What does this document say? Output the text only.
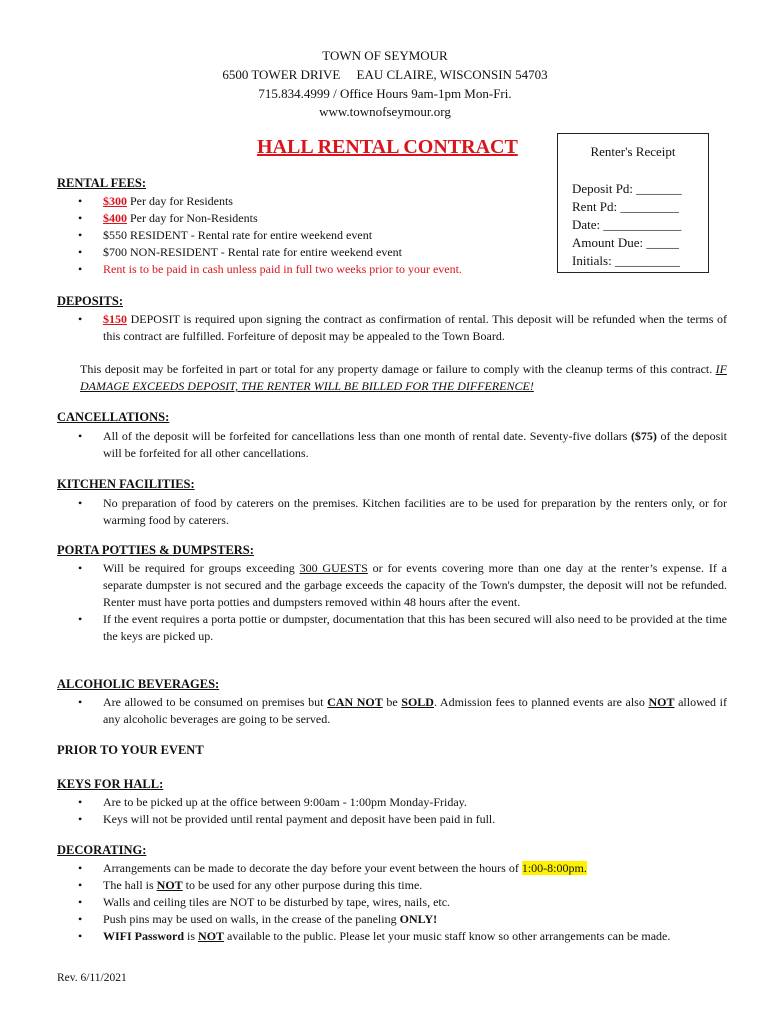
TOWN OF SEYMOUR
6500 TOWER DRIVE     EAU CLAIRE, WISCONSIN 54703
715.834.4999 / Office Hours 9am-1pm Mon-Fri.
www.townofseymour.org
HALL RENTAL CONTRACT	Renter's Receipt
Deposit Pd: _______
Rent Pd: _________
Date: ____________
Amount Due: _____
Initials: __________
RENTAL FEES:
• $300 Per day for Residents
• $400 Per day for Non-Residents
• $550 RESIDENT - Rental rate for entire weekend event
• $700 NON-RESIDENT - Rental rate for entire weekend event
• Rent is to be paid in cash unless paid in full two weeks prior to your event.
DEPOSITS:
• $150 DEPOSIT is required upon signing the contract as confirmation of rental. This deposit will be refunded when the terms of this contract are fulfilled. Forfeiture of deposit may be appealed to the Town Board.
This deposit may be forfeited in part or total for any property damage or failure to comply with the cleanup terms of this contract. IF DAMAGE EXCEEDS DEPOSIT, THE RENTER WILL BE BILLED FOR THE DIFFERENCE!
CANCELLATIONS:
• All of the deposit will be forfeited for cancellations less than one month of rental date. Seventy-five dollars ($75) of the deposit will be forfeited for all other cancellations.
KITCHEN FACILITIES:
• No preparation of food by caterers on the premises. Kitchen facilities are to be used for preparation by the renters only, or for warming food by caterers.
PORTA POTTIES & DUMPSTERS:
• Will be required for groups exceeding 300 GUESTS or for events covering more than one day at the renter’s expense. If a separate dumpster is not secured and the garbage exceeds the capacity of the Town's dumpster, the deposit will not be refunded. Renter must have porta potties and dumpsters removed within 48 hours after the event.
• If the event requires a porta pottie or dumpster, documentation that this has been secured will also need to be provided at the time the keys are picked up.
ALCOHOLIC BEVERAGES:
• Are allowed to be consumed on premises but CAN NOT be SOLD. Admission fees to planned events are also NOT allowed if any alcoholic beverages are going to be served.
PRIOR TO YOUR EVENT
KEYS FOR HALL:
• Are to be picked up at the office between 9:00am - 1:00pm Monday-Friday.
• Keys will not be provided until rental payment and deposit have been paid in full.
DECORATING:
• Arrangements can be made to decorate the day before your event between the hours of 1:00-8:00pm.
• The hall is NOT to be used for any other purpose during this time.
• Walls and ceiling tiles are NOT to be disturbed by tape, wires, nails, etc.
• Push pins may be used on walls, in the crease of the paneling ONLY!
• WIFI Password is NOT available to the public. Please let your music staff know so other arrangements can be made.
Rev. 6/11/2021
